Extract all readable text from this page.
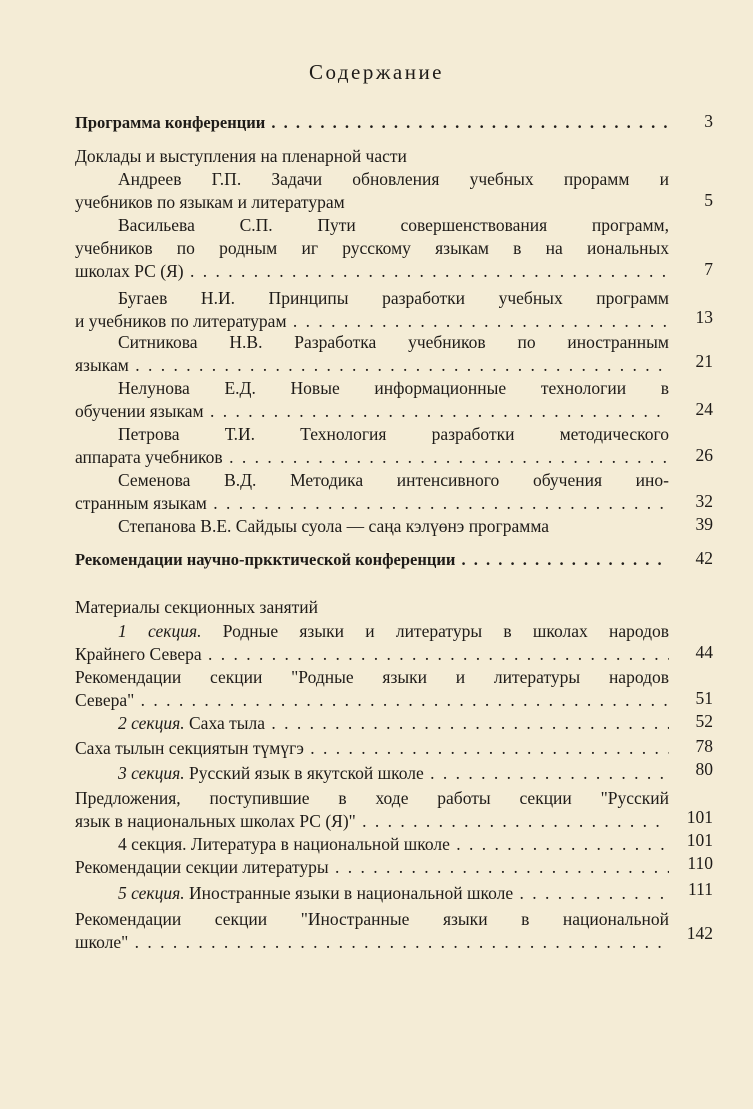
Содержание
Программа конференции . . .	3
Доклады и выступления на пленарной части
Андреев Г.П. Задачи обновления учебных прорамм и
учебников по языкам и литературам	5
Васильева С.П. Пути совершенствования программ,
учебников по родным иг русскому языкам в на иональных
школах РС (Я) . . .	7
Бугаев Н.И. Принципы разработки учебных программ
и учебников по литературам . . .	13
Ситникова Н.В. Разработка учебников по иностранным
языкам . . .	21
Нелунова Е.Д. Новые информационные технологии в
обучении языкам . . .	24
Петрова Т.И. Технология разработки методического
аппарата учебников . . .	26
Семенова В.Д. Методика интенсивного обучения ино-
странным языкам . . .	32
Степанова В.Е. Сайдыы суола — саңа кэлүөнэ программа	39
Рекомендации научно-пркктической конференции . . .	42
Материалы секционных занятий
1 секция. Родные языки и литературы в школах народов
Крайнего Севера . . .	44
Рекомендации секции "Родные языки и литературы народов
Севера" . . .	51
2 секция. Саха тыла . . .	52
Саха тылын секциятын түмүгэ . . .	78
3 секция. Русский язык в якутской школе . . .	80
Предложения, поступившие в ходе работы секции "Русский
язык в национальных школах РС (Я)" . . .	101
4 секция. Литература в национальной школе . . .	101
Рекомендации секции литературы . . .	110
5 секция. Иностранные языки в национальной школе . . .	111
Рекомендации секции "Иностранные языки в национальной
школе" . . .	142
